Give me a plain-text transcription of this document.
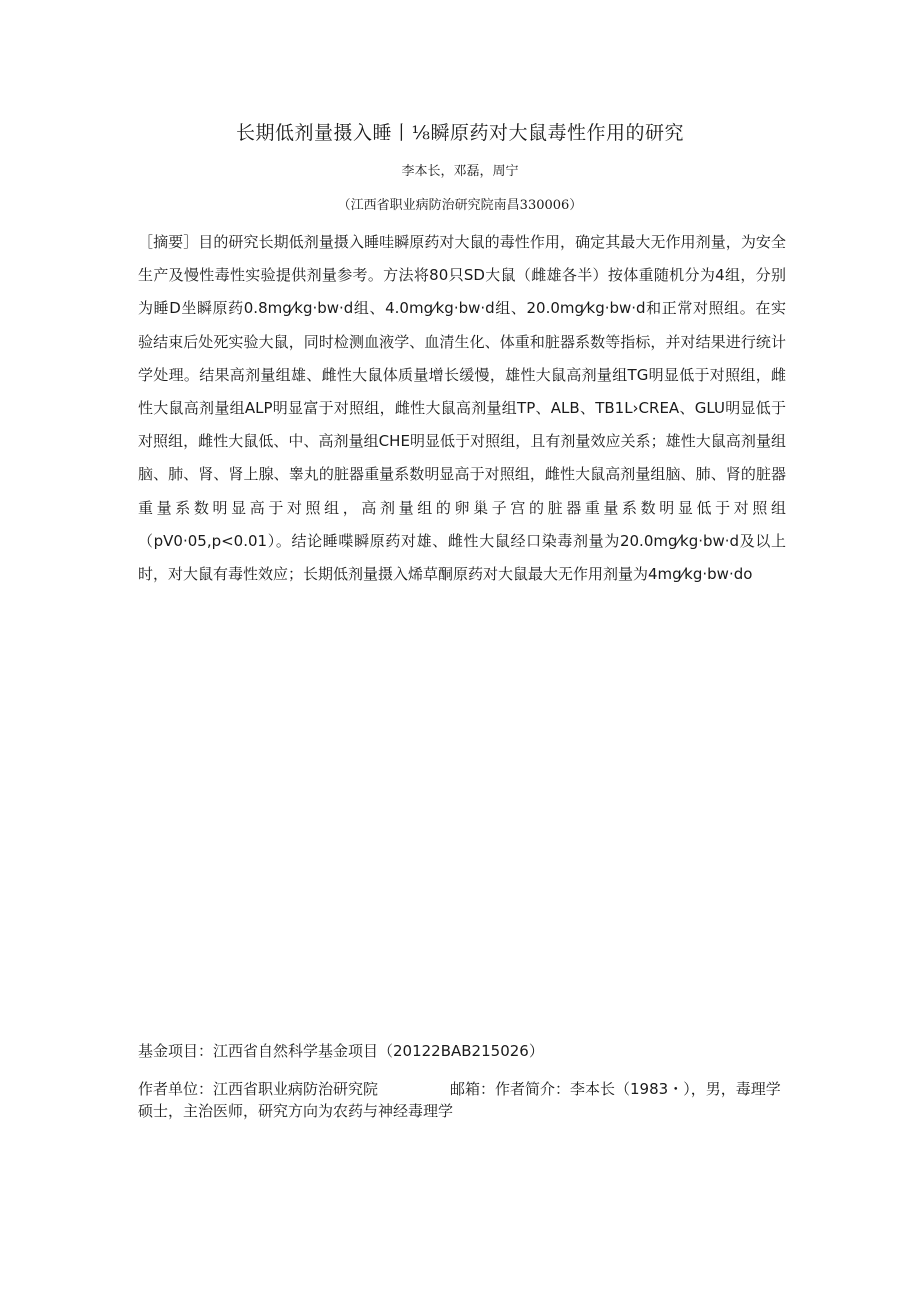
长期低剂量摄入睡丨⅛瞬原药对大鼠毒性作用的研究
李本长，邓磊，周宁
（江西省职业病防治研究院南昌330006）
［摘要］目的研究长期低剂量摄入睡哇瞬原药对大鼠的毒性作用，确定其最大无作用剂量，为安全生产及慢性毒性实验提供剂量参考。方法将80只SD大鼠（雌雄各半）按体重随机分为4组，分别为睡D坐瞬原药0.8mg⁄kg·bw·d组、4.0mg⁄kg·bw·d组、20.0mg⁄kg·bw·d和正常对照组。在实验结束后处死实验大鼠，同时检测血液学、血清生化、体重和脏器系数等指标，并对结果进行统计学处理。结果高剂量组雄、雌性大鼠体质量增长缓慢，雄性大鼠高剂量组TG明显低于对照组，雌性大鼠高剂量组ALP明显富于对照组，雌性大鼠高剂量组TP、ALB、TB1L›CREA、GLU明显低于对照组，雌性大鼠低、中、高剂量组CHE明显低于对照组，且有剂量效应关系；雄性大鼠高剂量组脑、肺、肾、肾上腺、睾丸的脏器重量系数明显高于对照组，雌性大鼠高剂量组脑、肺、肾的脏器重量系数明显高于对照组，高剂量组的卵巢子宫的脏器重量系数明显低于对照组（pV0·05,p<0.01）。结论睡喋瞬原药对雄、雌性大鼠经口染毒剂量为20.0mg⁄kg·bw·d及以上时，对大鼠有毒性效应；长期低剂量摄入烯草酮原药对大鼠最大无作用剂量为4mg⁄kg·bw·do
基金项目：江西省自然科学基金项目（20122BAB215026）
作者单位：江西省职业病防治研究院	邮箱：作者简介：李本长（1983・），男，毒理学硕士，主治医师，研究方向为农药与神经毒理学
